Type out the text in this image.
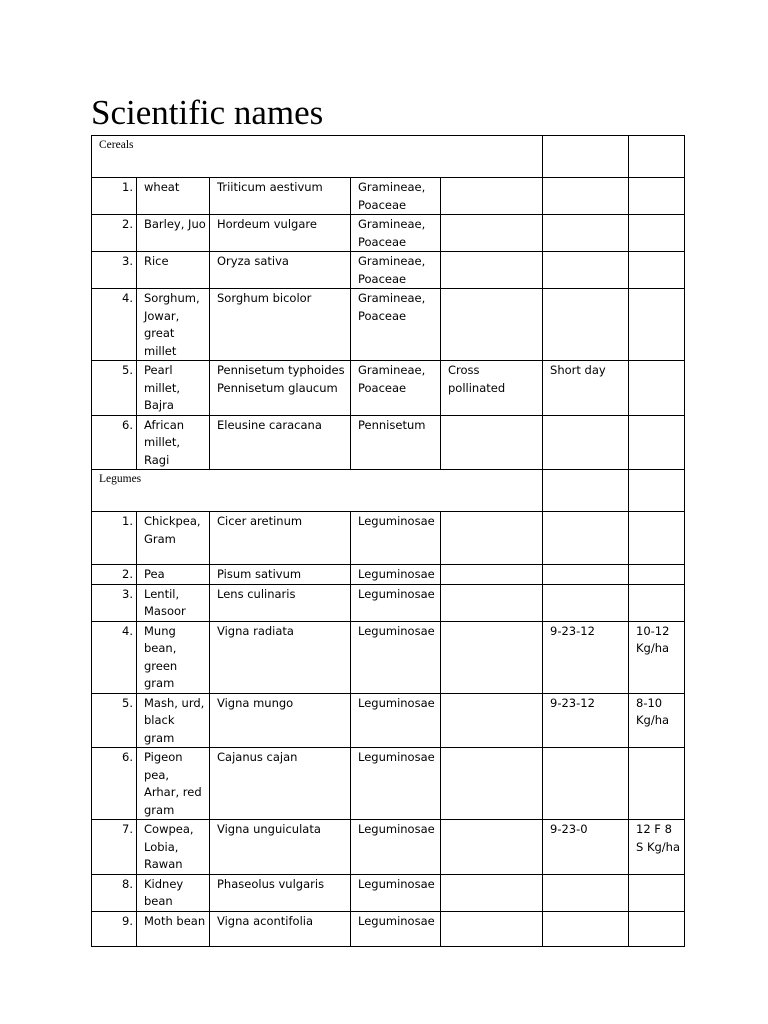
Scientific names
Cereals						
1.	wheat	Triiticum aestivum	Gramineae, Poaceae			
2.	Barley, Juo	Hordeum vulgare	Gramineae, Poaceae			
3.	Rice	Oryza sativa	Gramineae, Poaceae			
4.	Sorghum, Jowar, great millet	Sorghum bicolor	Gramineae, Poaceae			
5.	Pearl millet, Bajra	Pennisetum typhoides Pennisetum glaucum	Gramineae, Poaceae	Cross pollinated	Short day	
6.	African millet, Ragi	Eleusine caracana	Pennisetum			
Legumes						
1.	Chickpea, Gram	Cicer aretinum	Leguminosae			
2.	Pea	Pisum sativum	Leguminosae			
3.	Lentil, Masoor	Lens culinaris	Leguminosae			
4.	Mung bean, green gram	Vigna radiata	Leguminosae		9-23-12	10-12 Kg/ha
5.	Mash, urd, black gram	Vigna mungo	Leguminosae		9-23-12	8-10 Kg/ha
6.	Pigeon pea, Arhar, red gram	Cajanus cajan	Leguminosae			
7.	Cowpea, Lobia, Rawan	Vigna unguiculata	Leguminosae		9-23-0	12 F 8 S Kg/ha
8.	Kidney bean	Phaseolus vulgaris	Leguminosae			
9.	Moth bean	Vigna acontifolia	Leguminosae			
